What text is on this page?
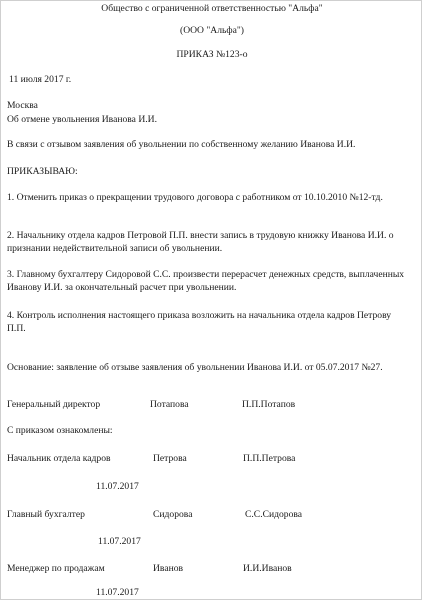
Общество с ограниченной ответственностью "Альфа"
(ООО "Альфа")
ПРИКАЗ №123-о
11 июля 2017 г.
Москва
Об отмене увольнения Иванова И.И.
В связи с отзывом заявления об увольнении по собственному желанию Иванова И.И.
ПРИКАЗЫВАЮ:
1. Отменить приказ о прекращении трудового договора с работником от 10.10.2010 №12-тд.
2. Начальнику отдела кадров Петровой П.П. внести запись в трудовую книжку Иванова И.И. о признании недействительной записи об увольнении.
3. Главному бухгалтеру Сидоровой С.С. произвести перерасчет денежных средств, выплаченных Иванову И.И. за окончательный расчет при увольнении.
4. Контроль исполнения настоящего приказа возложить на начальника отдела кадров Петрову П.П.
Основание: заявление об отзыве заявления об увольнении Иванова И.И. от 05.07.2017 №27.
Генеральный директор	Потапова	П.П.Потапов
С приказом ознакомлены:
Начальник отдела кадров	Петрова	П.П.Петрова
11.07.2017
Главный бухгалтер	Сидорова	С.С.Сидорова
11.07.2017
Менеджер по продажам	Иванов	И.И.Иванов
11.07.2017
